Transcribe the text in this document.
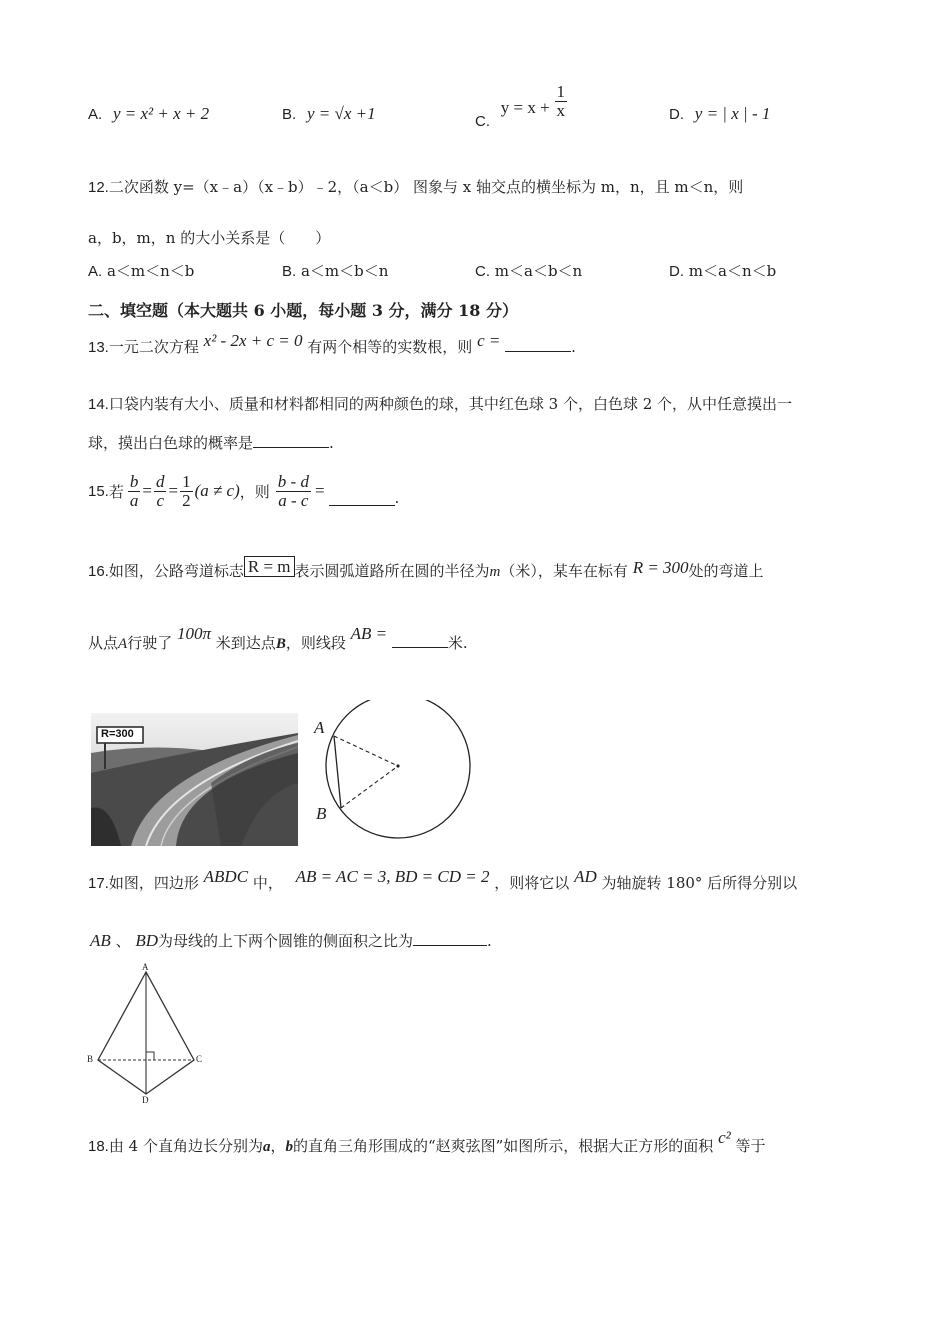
A. y = x² + x + 2	B. y = √x +1	C. $y = x + \frac{1}{x}$	D. y = | x | - 1
12.二次函数 y=（x﹣a）（x﹣b）﹣2，（a＜b） 图象与 x 轴交点的横坐标为 m，n，且 m＜n，则
a，b，m，n 的大小关系是（　　）
A. a＜m＜n＜b	B. a＜m＜b＜n	C. m＜a＜b＜n	D. m＜a＜n＜b
二、填空题（本大题共 6 小题，每小题 3 分，满分 18 分）
13.一元二次方程 x² - 2x + c = 0 有两个相等的实数根，则 c =	.
14.口袋内装有大小、质量和材料都相同的两种颜色的球，其中红色球 3 个，白色球 2 个，从中任意摸出一
球，摸出白色球的概率是	.
15. 若 $\frac{b}{a} = \frac{d}{c} = \frac{1}{2} (a \ne c)$ ，则 $\frac{b - d}{a - c}$ =	.
16.如图，公路弯道标志 R = m 表示圆弧道路所在圆的半径为m（米），某车在标有 R = 300处的弯道上
从点A行驶了 100π 米到达点B，则线段 AB =	米.
R=300	A
B
17.如图，四边形 ABDC 中， AB = AC = 3, BD = CD = 2 ，则将它以 AD 为轴旋转 180° 后所得分别以
AB 、 BD为母线的上下两个圆锥的侧面积之比为	.
A
B	C
D
18.由 4 个直角边长分别为a，b的直角三角形围成的“赵爽弦图”如图所示，根据大正方形的面积 c² 等于
